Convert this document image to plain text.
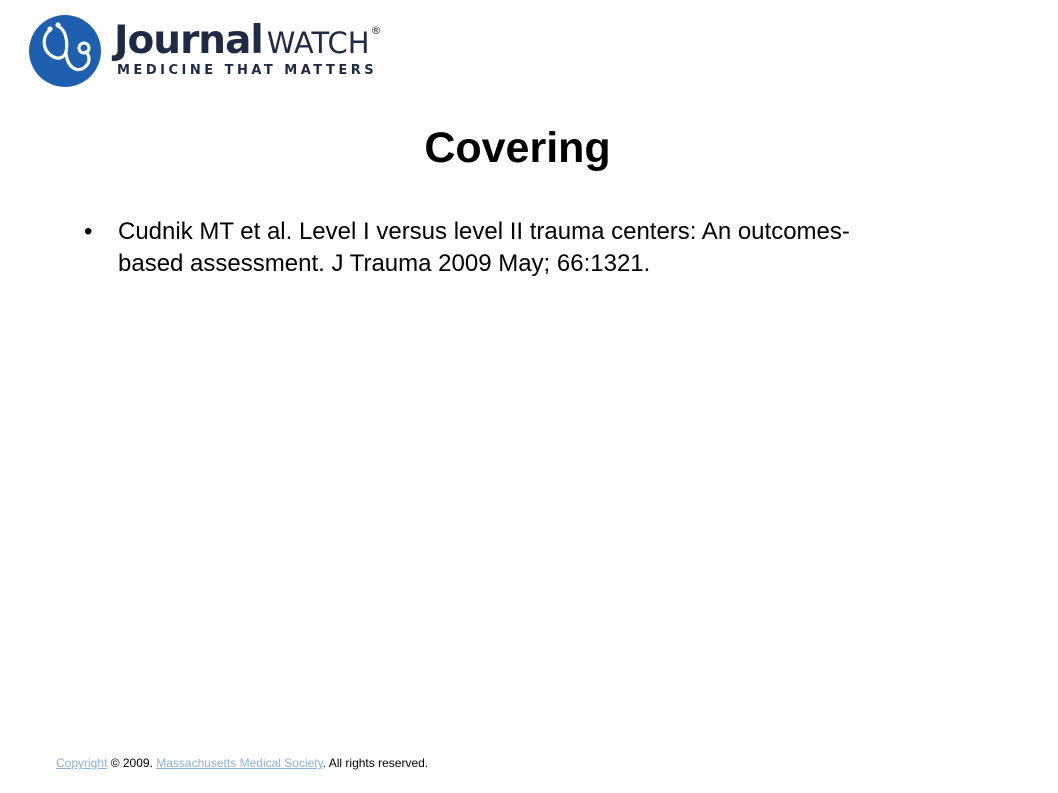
Journal WATCH®
MEDICINE THAT MATTERS
Covering
• Cudnik MT et al. Level I versus level II trauma centers: An outcomes-based assessment. J Trauma 2009 May; 66:1321.
Copyright © 2009. Massachusetts Medical Society. All rights reserved.
